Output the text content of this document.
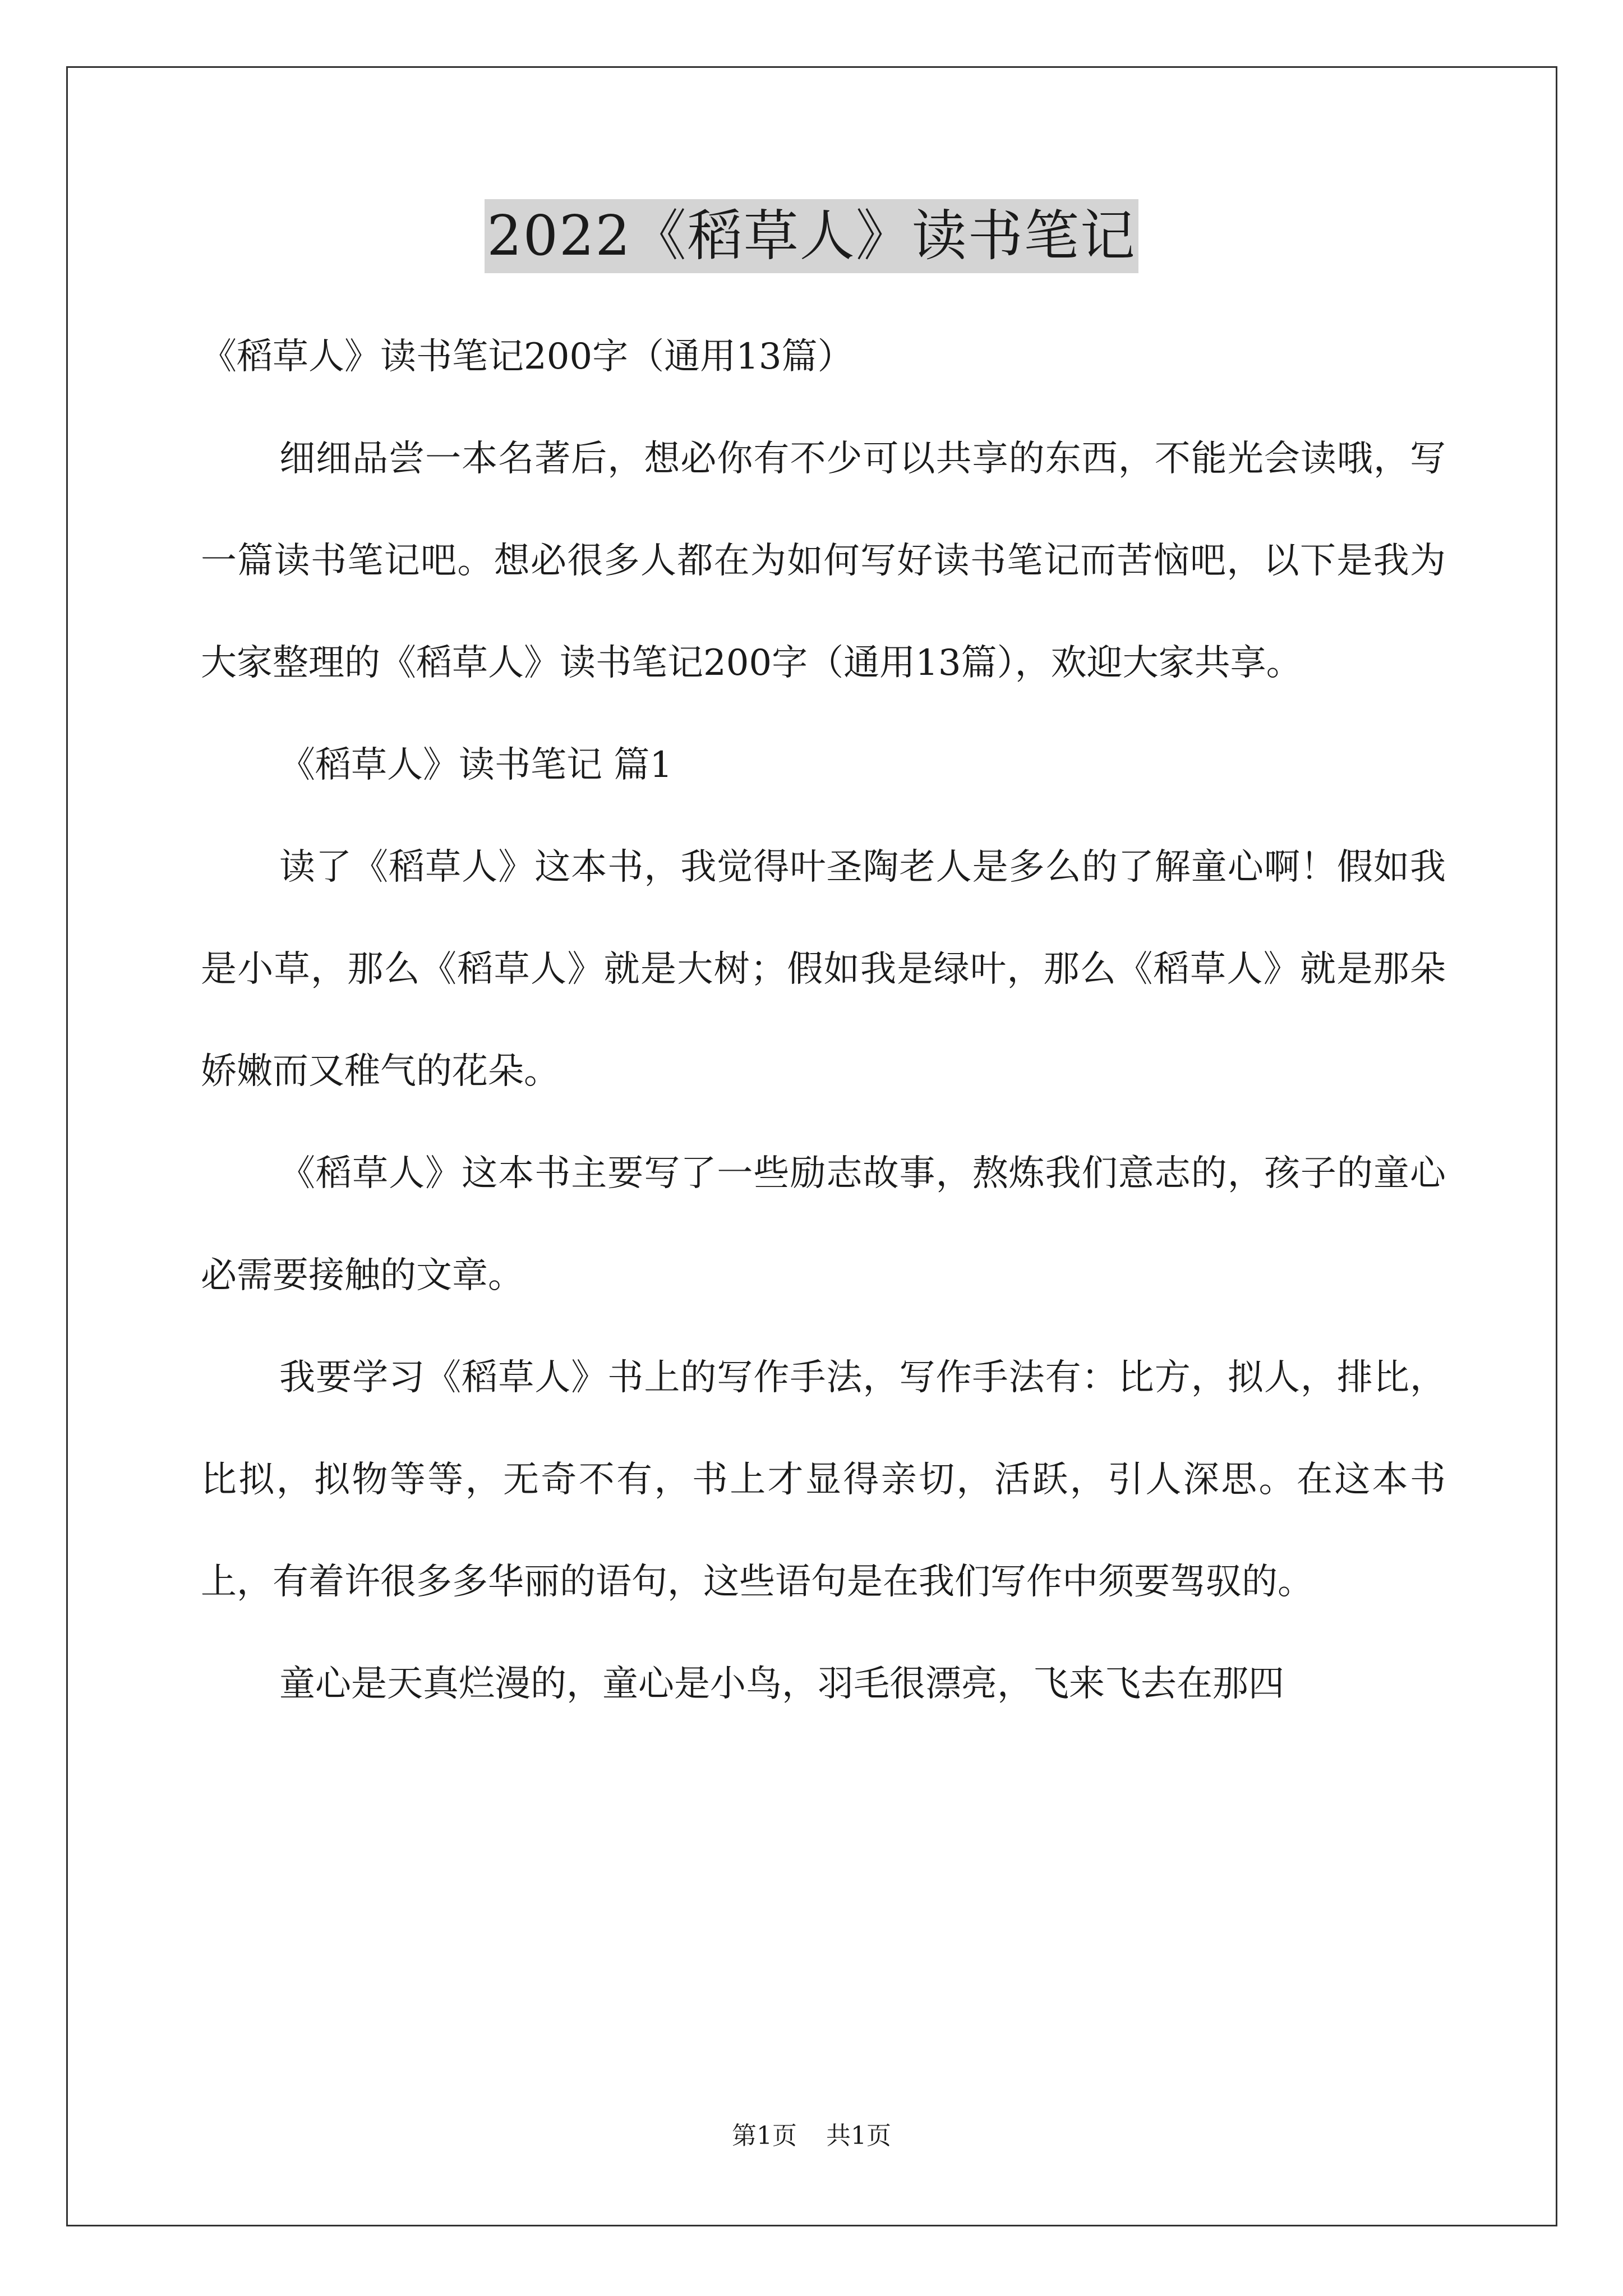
2022《稻草人》读书笔记

《稻草人》读书笔记200字（通用13篇）

细细品尝一本名著后，想必你有不少可以共享的东西，不能光会读哦，写一篇读书笔记吧。想必很多人都在为如何写好读书笔记而苦恼吧，以下是我为大家整理的《稻草人》读书笔记200字（通用13篇），欢迎大家共享。

《稻草人》读书笔记 篇1

读了《稻草人》这本书，我觉得叶圣陶老人是多么的了解童心啊！假如我是小草，那么《稻草人》就是大树；假如我是绿叶，那么《稻草人》就是那朵娇嫩而又稚气的花朵。

《稻草人》这本书主要写了一些励志故事，熬炼我们意志的，孩子的童心必需要接触的文章。

我要学习《稻草人》书上的写作手法，写作手法有：比方，拟人，排比，比拟，拟物等等，无奇不有，书上才显得亲切，活跃，引人深思。在这本书上，有着许很多多华丽的语句，这些语句是在我们写作中须要驾驭的。

童心是天真烂漫的，童心是小鸟，羽毛很漂亮，飞来飞去在那四

第1页 共1页
